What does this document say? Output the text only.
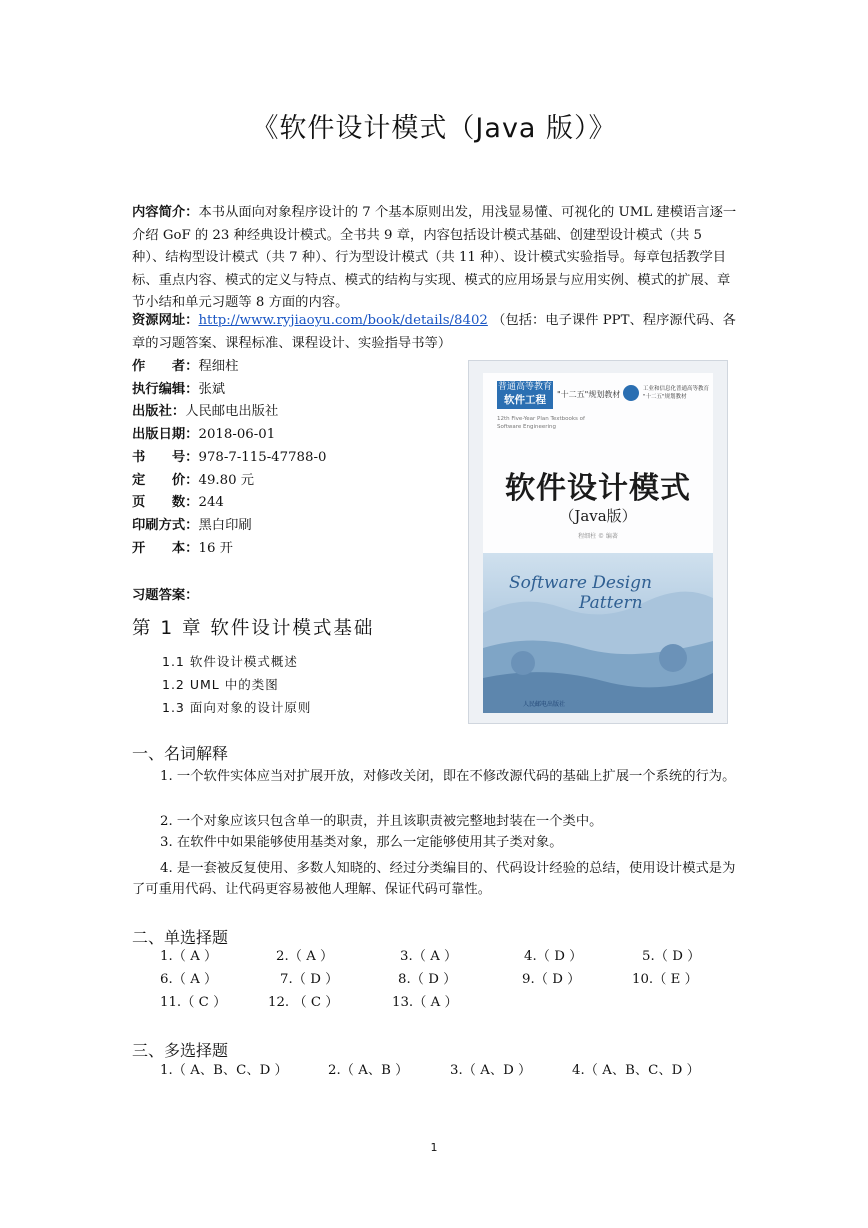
《软件设计模式（Java 版）》
内容简介：本书从面向对象程序设计的 7 个基本原则出发，用浅显易懂、可视化的 UML 建模语言逐一介绍 GoF 的 23 种经典设计模式。全书共 9 章，内容包括设计模式基础、创建型设计模式（共 5 种）、结构型设计模式（共 7 种）、行为型设计模式（共 11 种）、设计模式实验指导。每章包括教学目标、重点内容、模式的定义与特点、模式的结构与实现、模式的应用场景与应用实例、模式的扩展、章节小结和单元习题等 8 方面的内容。
资源网址：http://www.ryjiaoyu.com/book/details/8402 （包括：电子课件 PPT、程序源代码、各章的习题答案、课程标准、课程设计、实验指导书等）
作　　者：程细柱
执行编辑：张斌
出版社：人民邮电出版社
出版日期：2018-06-01
书　　号：978-7-115-47788-0
定　　价：49.80 元
页　　数：244
印刷方式：黑白印刷
开　　本：16 开
普通高等教育
软件工程	"十二五"规划教材
工业和信息化普通高等教育
"十二五"规划教材
12th Five-Year Plan Textbooks of Software Engineering
软件设计模式
（Java版）
程细柱 © 编著
Software Design
Pattern
人民邮电出版社
习题答案：
第 1 章 软件设计模式基础
1.1 软件设计模式概述
1.2 UML 中的类图
1.3 面向对象的设计原则
一、名词解释
1. 一个软件实体应当对扩展开放，对修改关闭，即在不修改源代码的基础上扩展一个系统的行为。
2. 一个对象应该只包含单一的职责，并且该职责被完整地封装在一个类中。
3. 在软件中如果能够使用基类对象，那么一定能够使用其子类对象。
4. 是一套被反复使用、多数人知晓的、经过分类编目的、代码设计经验的总结，使用设计模式是为了可重用代码、让代码更容易被他人理解、保证代码可靠性。
二、单选择题
1.（ A ）	2.（ A ）	3.（ A ）	4.（ D ）	5.（ D ）
6.（ A ）	7.（ D ）	8.（ D ）	9.（ D ）	10.（ E ）
11.（ C ）	12. （ C ）	13.（ A ）
三、多选择题
1.（ A、B、C、D ）	2.（ A、B ）	3.（ A、D ）	4.（ A、B、C、D ）
1
